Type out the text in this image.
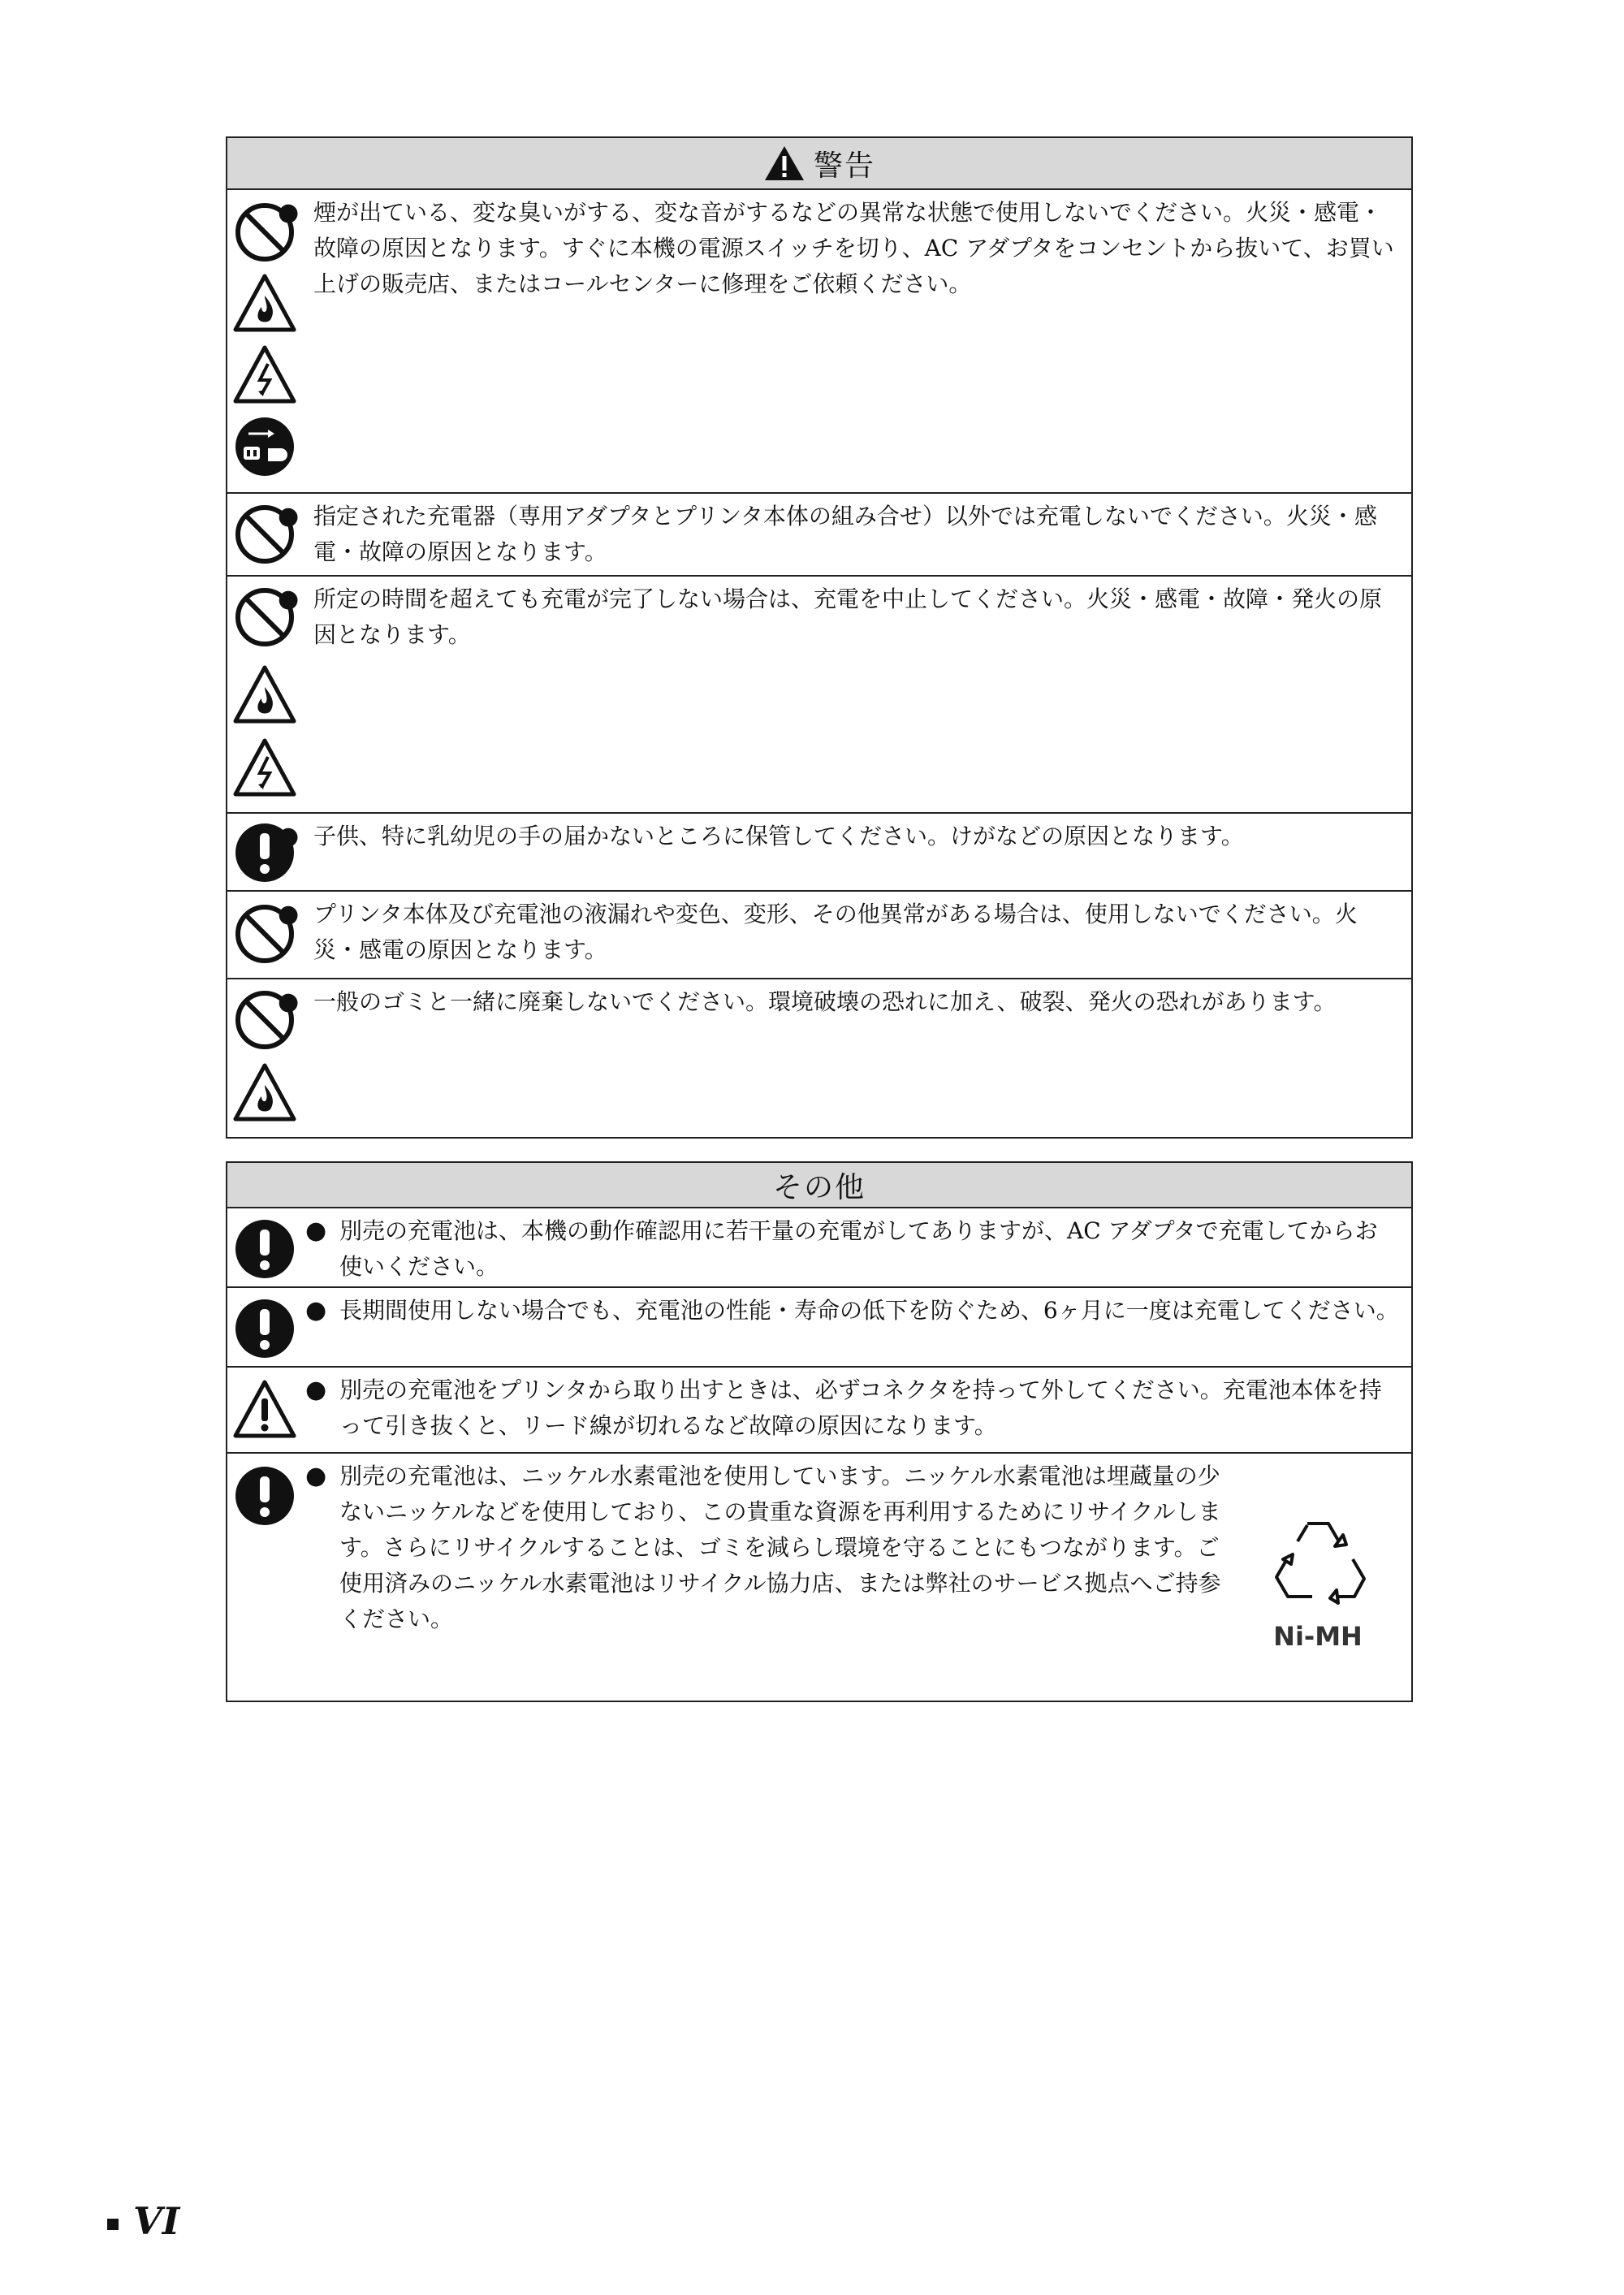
警告
● 煙が出ている、変な臭いがする、変な音がするなどの異常な状態で使用しないでください。火災・感電・故障の原因となります。すぐに本機の電源スイッチを切り、AC アダプタをコンセントから抜いて、お買い上げの販売店、またはコールセンターに修理をご依頼ください。
● 指定された充電器（専用アダプタとプリンタ本体の組み合せ）以外では充電しないでください。火災・感電・故障の原因となります。
● 所定の時間を超えても充電が完了しない場合は、充電を中止してください。火災・感電・故障・発火の原因となります。
● 子供、特に乳幼児の手の届かないところに保管してください。けがなどの原因となります。
● プリンタ本体及び充電池の液漏れや変色、変形、その他異常がある場合は、使用しないでください。火災・感電の原因となります。
● 一般のゴミと一緒に廃棄しないでください。環境破壊の恐れに加え、破裂、発火の恐れがあります。
その他
● 別売の充電池は、本機の動作確認用に若干量の充電がしてありますが、AC アダプタで充電してからお使いください。
● 長期間使用しない場合でも、充電池の性能・寿命の低下を防ぐため、6ヶ月に一度は充電してください。
● 別売の充電池をプリンタから取り出すときは、必ずコネクタを持って外してください。充電池本体を持って引き抜くと、リード線が切れるなど故障の原因になります。
● 別売の充電池は、ニッケル水素電池を使用しています。ニッケル水素電池は埋蔵量の少ないニッケルなどを使用しており、この貴重な資源を再利用するためにリサイクルします。さらにリサイクルすることは、ゴミを減らし環境を守ることにもつながります。ご使用済みのニッケル水素電池はリサイクル協力店、または弊社のサービス拠点へご持参ください。
Ni-MH
VI
